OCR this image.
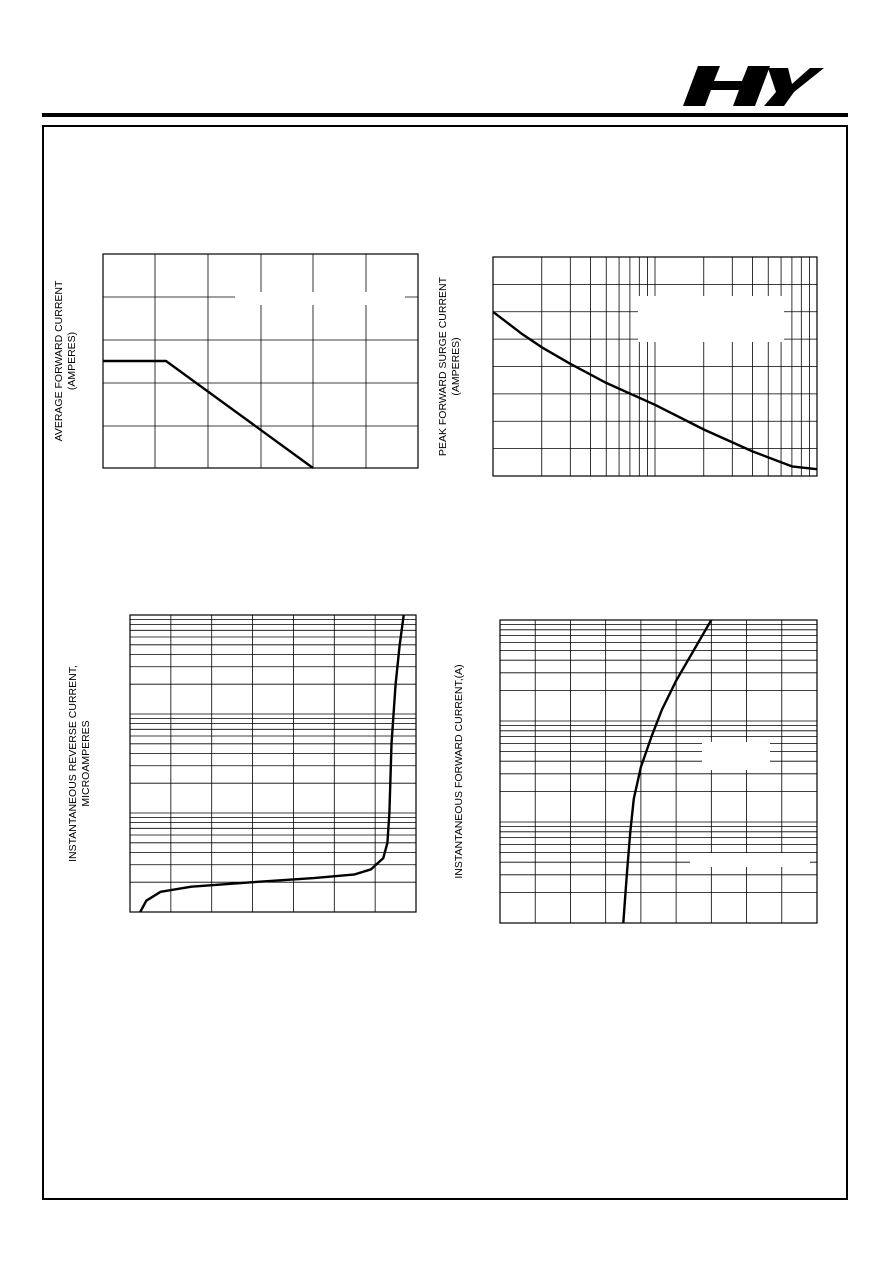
AVERAGE FORWARD CURRENT (AMPERES)	PEAK FORWARD SURGE CURRENT (AMPERES)
INSTANTANEOUS REVERSE CURRENT, MICROAMPERES	INSTANTANEOUS FORWARD CURRENT,(A)
